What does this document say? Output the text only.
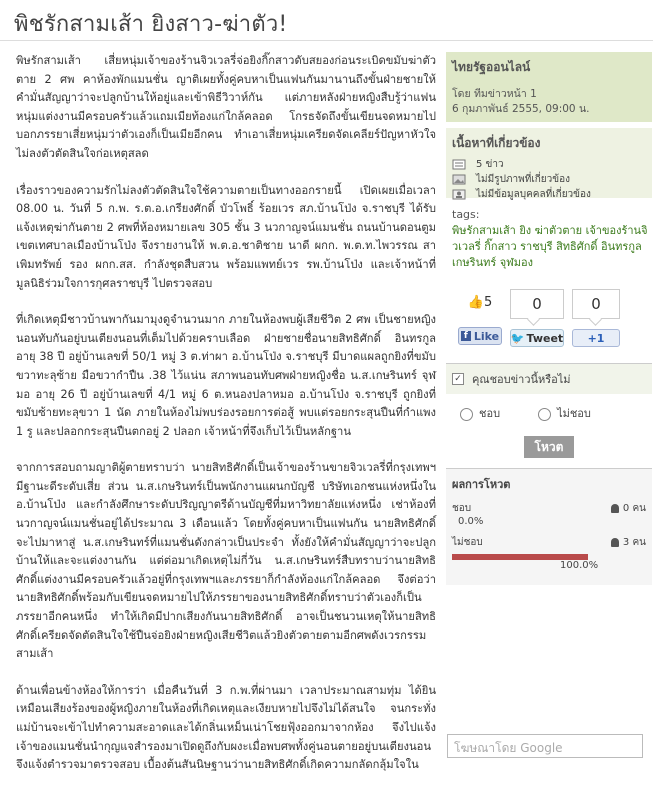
พิชรักสามเส้า ยิงสาว-ฆ่าตัว!

พิษรักสามเส้า เสี่ยหนุ่มเจ้าของร้านจิวเวลรี่จ่อยิงกิ๊กสาวดับสยองก่อนระเบิดขมับฆ่าตัวตาย 2 ศพ คาห้องพักแมนชั่น ญาติเผยทั้งคู่คบหาเป็นแฟนกันมานานถึงขั้นฝ่ายชายให้คำมั่นสัญญาว่าจะปลูกบ้านให้อยู่และเข้าพิธีวิวาห์กัน แต่ภายหลังฝ่ายหญิงสืบรู้ว่าแฟนหนุ่มแต่งงานมีครอบครัวแล้วแถมเมียท้องแก่ใกล้คลอด โกรธจัดถึงขั้นเขียนจดหมายไปบอกภรรยาเสี่ยหนุ่มว่าตัวเองก็เป็นเมียอีกคน ทำเอาเสี่ยหนุ่มเครียดจัดเคลียร์ปัญหาหัวใจไม่ลงตัวตัดสินใจก่อเหตุสลด

เรื่องราวของความรักไม่ลงตัวตัดสินใจใช้ความตายเป็นทางออกรายนี้ เปิดเผยเมื่อเวลา 08.00 น. วันที่ 5 ก.พ. ร.ต.อ.เกรียงศักดิ์ บัวโพธิ์ ร้อยเวร สภ.บ้านโป่ง จ.ราชบุรี ได้รับแจ้งเหตุฆ่ากันตาย 2 ศพที่ห้องหมายเลข 305 ชั้น 3 นวกาญจน์แมนชั่น ถนนบ้านดอนตูม เขตเทศบาลเมืองบ้านโป่ง จึงรายงานให้ พ.ต.อ.ชาติชาย นาดี ผกก. พ.ต.ท.ไพวรรณ สาเพิมทรัพย์ รอง ผกก.สส. กำลังชุดสืบสวน พร้อมแพทย์เวร รพ.บ้านโป่ง และเจ้าหน้าที่มูลนิธิร่วมใจการกุศลราชบุรี ไปตรวจสอบ

ที่เกิดเหตุมีชาวบ้านพากันมามุงดูจำนวนมาก ภายในห้องพบผู้เสียชีวิต 2 ศพ เป็นชายหญิง นอนทับกันอยู่บนเตียงนอนที่เต็มไปด้วยคราบเลือด ฝ่ายชายชื่อนายสิทธิศักดิ์ อินทรกูล อายุ 38 ปี อยู่บ้านเลขที่ 50/1 หมู่ 3 ต.ท่าผา อ.บ้านโป่ง จ.ราชบุรี มีบาดแผลถูกยิงที่ขมับขวาทะลุซ้าย มือขวากำปืน .38 ไว้แน่น สภาพนอนทับศพฝ่ายหญิงชื่อ น.ส.เกษรินทร์ จุฬมอ อายุ 26 ปี อยู่บ้านเลขที่ 4/1 หมู่ 6 ต.หนองปลาหมอ อ.บ้านโป่ง จ.ราชบุรี ถูกยิงที่ขมับซ้ายทะลุขวา 1 นัด ภายในห้องไม่พบร่องรอยการต่อสู้ พบแต่รอยกระสุนปืนที่กำแพง 1 รู และปลอกกระสุนปืนตกอยู่ 2 ปลอก เจ้าหน้าที่จึงเก็บไว้เป็นหลักฐาน

จากการสอบถามญาติผู้ตายทราบว่า นายสิทธิศักดิ์เป็นเจ้าของร้านขายจิวเวลรี่ที่กรุงเทพฯ มีฐานะดีระดับเสี่ย ส่วน น.ส.เกษรินทร์เป็นพนักงานแผนกบัญชี บริษัทเอกชนแห่งหนึ่งใน อ.บ้านโป่ง และกำลังศึกษาระดับปริญญาตรีด้านบัญชีที่มหาวิทยาลัยแห่งหนึ่ง เช่าห้องที่นวกาญจน์แมนชั่นอยู่ได้ประมาณ 3 เดือนแล้ว โดยทั้งคู่คบหาเป็นแฟนกัน นายสิทธิศักดิ์จะไปมาหาสู่ น.ส.เกษรินทร์ที่แมนชั่นดังกล่าวเป็นประจำ ทั้งยังให้คำมั่นสัญญาว่าจะปลูกบ้านให้และจะแต่งงานกัน แต่ต่อมาเกิดเหตุไม่กี่วัน น.ส.เกษรินทร์สืบทราบว่านายสิทธิศักดิ์แต่งงานมีครอบครัวแล้วอยู่ที่กรุงเทพฯและภรรยาก็กำลังท้องแก่ใกล้คลอด จึงต่อว่านายสิทธิศักดิ์พร้อมกับเขียนจดหมายไปให้ภรรยาของนายสิทธิศักดิ์ทราบว่าตัวเองก็เป็นภรรยาอีกคนหนึ่ง ทำให้เกิดมีปากเสียงกันนายสิทธิศักดิ์ อาจเป็นชนวนเหตุให้นายสิทธิศักดิ์เครียดจัดตัดสินใจใช้ปืนจ่อยิงฝ่ายหญิงเสียชีวิตแล้วยิงตัวตายตามอีกศพดังเวรกรรมสามเส้า

ด้านเพื่อนข้างห้องให้การว่า เมื่อคืนวันที่ 3 ก.พ.ที่ผ่านมา เวลาประมาณสามทุ่ม ได้ยินเหมือนเสียงร้องของผู้หญิงภายในห้องที่เกิดเหตุและเงียบหายไปจึงไม่ได้สนใจ จนกระทั่งแม่บ้านจะเข้าไปทำความสะอาดและได้กลิ่นเหม็นเน่าโชยฟุ้งออกมาจากห้อง จึงไปแจ้งเจ้าของแมนชั่นนำกุญแจสำรองมาเปิดดูถึงกับผงะเมื่อพบศพทั้งคู่นอนตายอยู่บนเตียงนอน จึงแจ้งตำรวจมาตรวจสอบ เบื้องต้นสันนิษฐานว่านายสิทธิศักดิ์เกิดความกลัดกลุ้มใจใน

ไทยรัฐออนไลน์
โดย ทีมข่าวหน้า 1
6 กุมภาพันธ์ 2555, 09:00 น.
เนื้อหาที่เกี่ยวข้อง
5 ข่าว
ไม่มีรูปภาพที่เกี่ยวข้อง
ไม่มีข้อมูลบุคคลที่เกี่ยวข้อง
tags:
พิษรักสามเส้า ยิง ฆ่าตัวตาย เจ้าของร้านจิวเวลรี่ กิ๊กสาว ราชบุรี สิทธิศักดิ์ อินทรกูล เกษรินทร์ จุฬมอง
👍5
f Like
0
🐦 Tweet
0
+1
✓ คุณชอบข่าวนี้หรือไม่
ชอบ	ไม่ชอบ
โหวต
ผลการโหวต
ชอบ	0 คน
0.0%
ไม่ชอบ	3 คน
100.0%
โฆษณาโดย Google
